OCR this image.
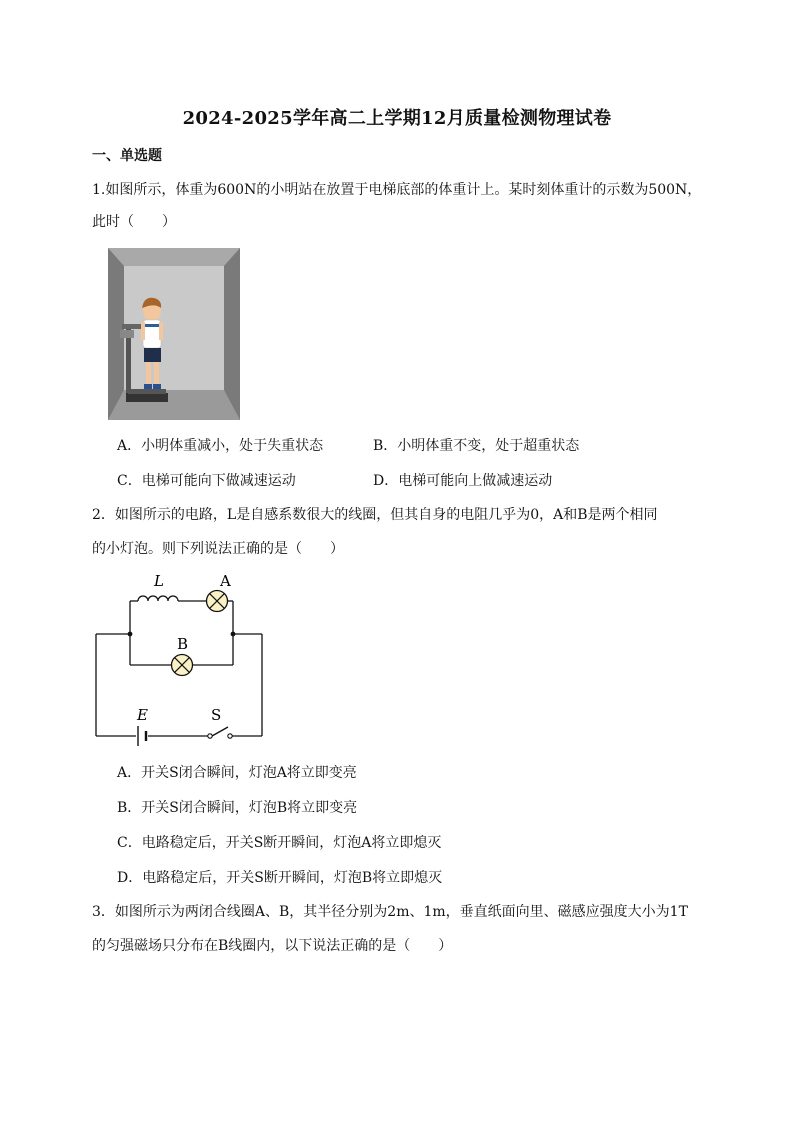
2024-2025学年高二上学期12月质量检测物理试卷
一、单选题
1.如图所示，体重为600N的小明站在放置于电梯底部的体重计上。某时刻体重计的示数为500N，
此时（　　）
A．小明体重减小，处于失重状态	B．小明体重不变，处于超重状态
C．电梯可能向下做减速运动	D．电梯可能向上做减速运动
2．如图所示的电路，L是自感系数很大的线圈，但其自身的电阻几乎为0，A和B是两个相同
的小灯泡。则下列说法正确的是（　　）
L	A
B
E	S
A．开关S闭合瞬间，灯泡A将立即变亮
B．开关S闭合瞬间，灯泡B将立即变亮
C．电路稳定后，开关S断开瞬间，灯泡A将立即熄灭
D．电路稳定后，开关S断开瞬间，灯泡B将立即熄灭
3．如图所示为两闭合线圈A、B，其半径分别为2m、1m，垂直纸面向里、磁感应强度大小为1T
的匀强磁场只分布在B线圈内，以下说法正确的是（　　）
